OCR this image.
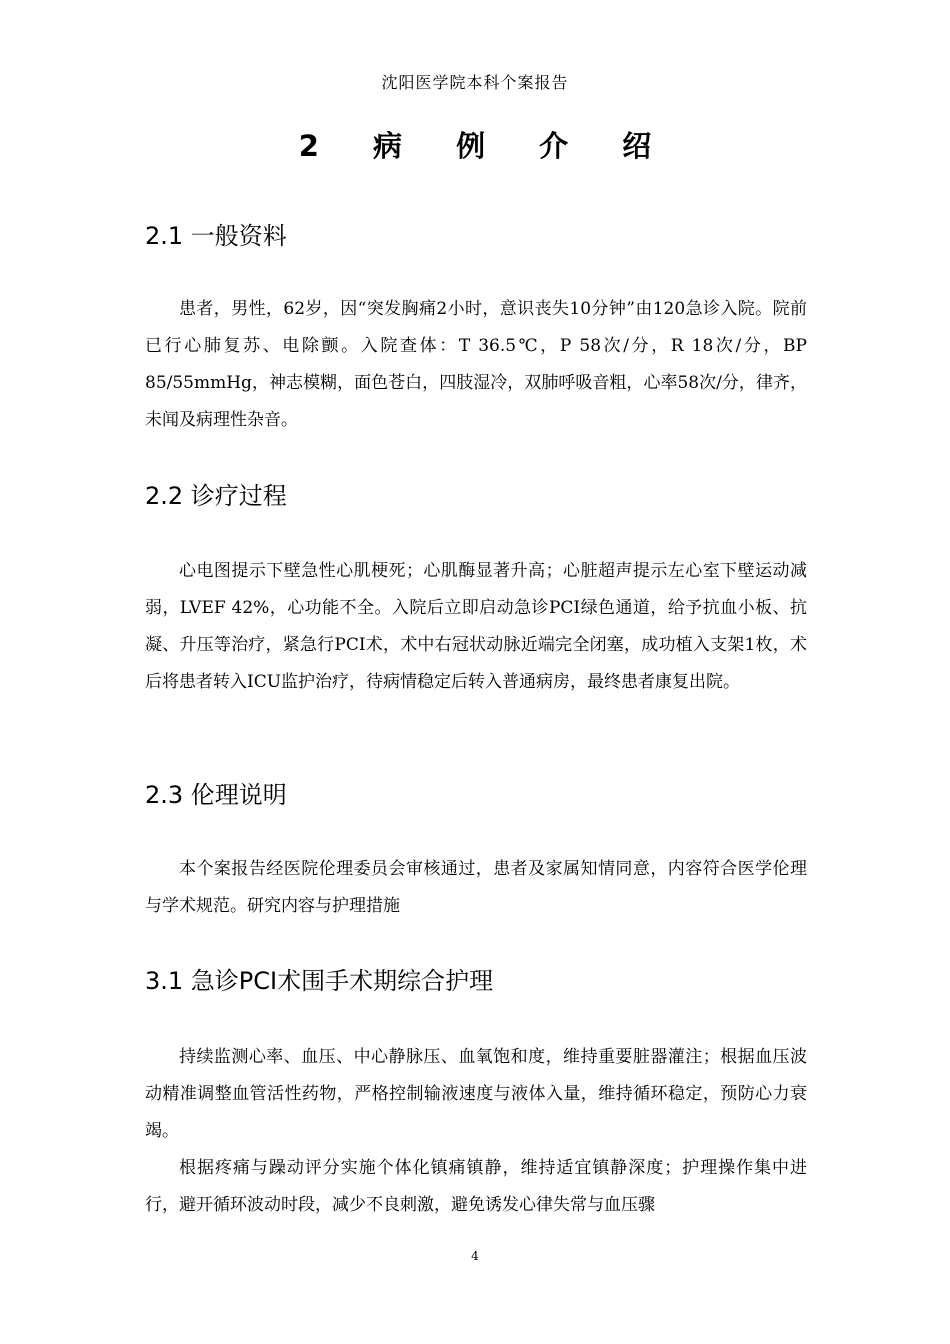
沈阳医学院本科个案报告
2 病 例 介 绍
2.1 一般资料
患者，男性，62岁，因“突发胸痛2小时，意识丧失10分钟”由120急诊入院。院前已行心肺复苏、电除颤。入院查体：T 36.5℃，P 58次/分，R 18次/分，BP 85/55mmHg，神志模糊，面色苍白，四肢湿冷，双肺呼吸音粗，心率58次/分，律齐，未闻及病理性杂音。
2.2 诊疗过程
心电图提示下壁急性心肌梗死；心肌酶显著升高；心脏超声提示左心室下壁运动减弱，LVEF 42%，心功能不全。入院后立即启动急诊PCI绿色通道，给予抗血小板、抗凝、升压等治疗，紧急行PCI术，术中右冠状动脉近端完全闭塞，成功植入支架1枚，术后将患者转入ICU监护治疗，待病情稳定后转入普通病房，最终患者康复出院。
2.3 伦理说明
本个案报告经医院伦理委员会审核通过，患者及家属知情同意，内容符合医学伦理与学术规范。研究内容与护理措施
3.1 急诊PCI术围手术期综合护理
持续监测心率、血压、中心静脉压、血氧饱和度，维持重要脏器灌注；根据血压波动精准调整血管活性药物，严格控制输液速度与液体入量，维持循环稳定，预防心力衰竭。
根据疼痛与躁动评分实施个体化镇痛镇静，维持适宜镇静深度；护理操作集中进行，避开循环波动时段，减少不良刺激，避免诱发心律失常与血压骤
4
